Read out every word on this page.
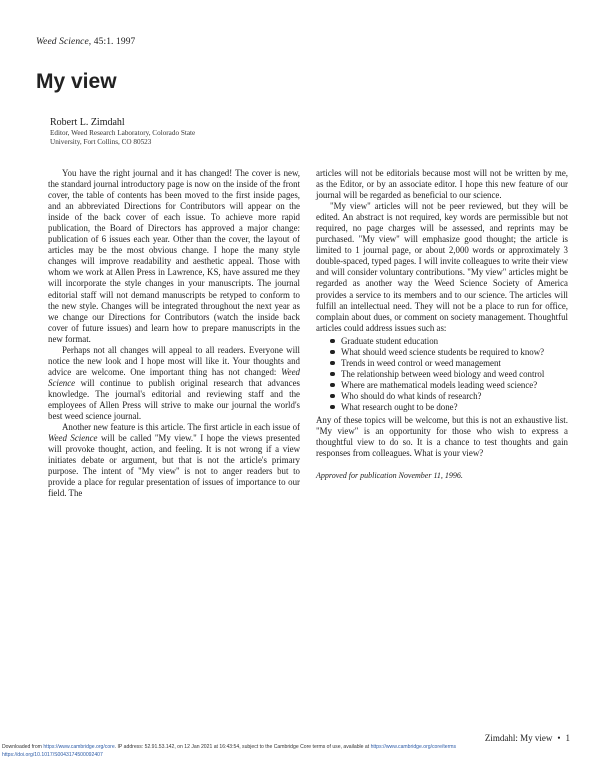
Weed Science, 45:1. 1997
My view
Robert L. Zimdahl
Editor, Weed Research Laboratory, Colorado State
University, Fort Collins, CO 80523

You have the right journal and it has changed! The cover is new, the standard journal introductory page is now on the inside of the front cover, the table of contents has been moved to the first inside pages, and an abbreviated Directions for Contributors will appear on the inside of the back cover of each issue. To achieve more rapid publication, the Board of Directors has approved a major change: publication of 6 issues each year. Other than the cover, the layout of articles may be the most obvious change. I hope the many style changes will improve readability and aesthetic appeal. Those with whom we work at Allen Press in Lawrence, KS, have assured me they will incorporate the style changes in your manuscripts. The journal editorial staff will not demand manuscripts be retyped to conform to the new style. Changes will be integrated throughout the next year as we change our Directions for Contributors (watch the inside back cover of future issues) and learn how to prepare manuscripts in the new format.

Perhaps not all changes will appeal to all readers. Everyone will notice the new look and I hope most will like it. Your thoughts and advice are welcome. One important thing has not changed: Weed Science will continue to publish original research that advances knowledge. The journal's editorial and reviewing staff and the employees of Allen Press will strive to make our journal the world's best weed science journal.

Another new feature is this article. The first article in each issue of Weed Science will be called "My view." I hope the views presented will provoke thought, action, and feeling. It is not wrong if a view initiates debate or argument, but that is not the article's primary purpose. The intent of "My view" is not to anger readers but to provide a place for regular presentation of issues of importance to our field. The

articles will not be editorials because most will not be written by me, as the Editor, or by an associate editor. I hope this new feature of our journal will be regarded as beneficial to our science.

"My view" articles will not be peer reviewed, but they will be edited. An abstract is not required, key words are permissible but not required, no page charges will be assessed, and reprints may be purchased. "My view" will emphasize good thought; the article is limited to 1 journal page, or about 2,000 words or approximately 3 double-spaced, typed pages. I will invite colleagues to write their view and will consider voluntary contributions. "My view" articles might be regarded as another way the Weed Science Society of America provides a service to its members and to our science. The articles will fulfill an intellectual need. They will not be a place to run for office, complain about dues, or comment on society management. Thoughtful articles could address issues such as:

Graduate student education
What should weed science students be required to know?
Trends in weed control or weed management
The relationship between weed biology and weed control
Where are mathematical models leading weed science?
Who should do what kinds of research?
What research ought to be done?

Any of these topics will be welcome, but this is not an exhaustive list. "My view" is an opportunity for those who wish to express a thoughtful view to do so. It is a chance to test thoughts and gain responses from colleagues. What is your view?

Approved for publication November 11, 1996.

Zimdahl: My view • 1
Downloaded from https://www.cambridge.org/core. IP address: 52.91.53.142, on 12 Jan 2021 at 16:43:54, subject to the Cambridge Core terms of use, available at https://www.cambridge.org/core/terms
https://doi.org/10.1017/S0043174500092407
